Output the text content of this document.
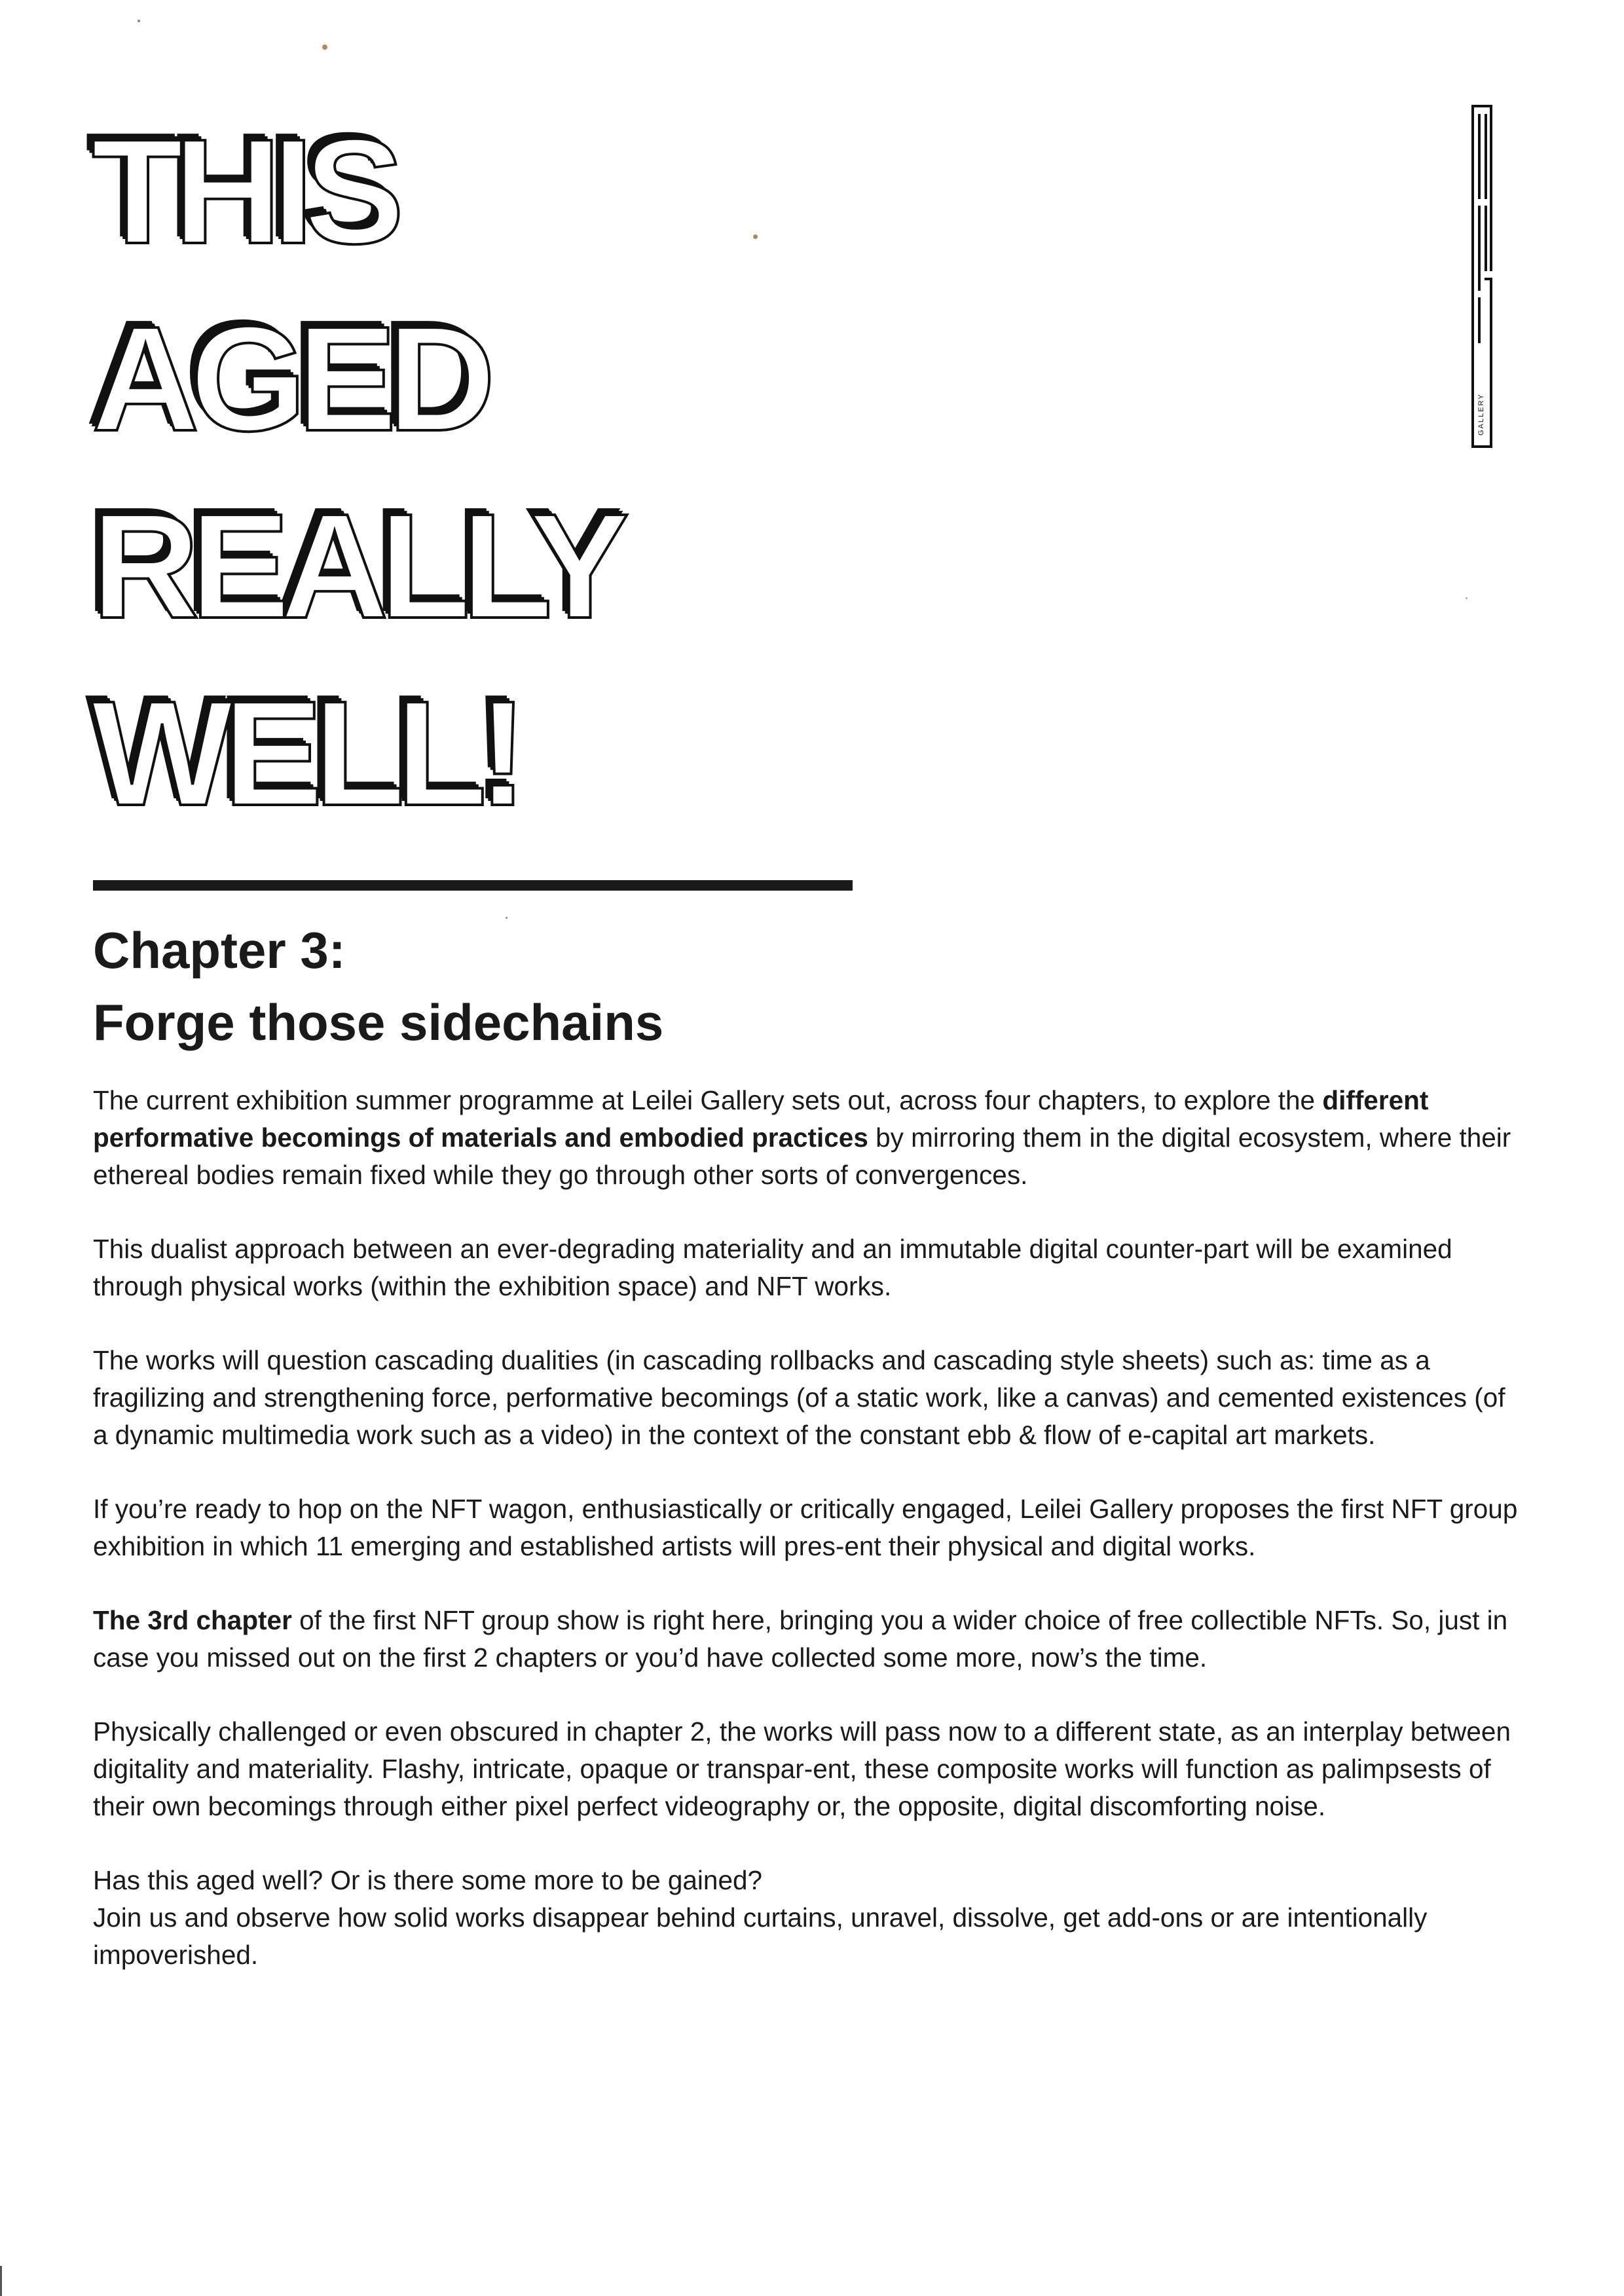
THIS
AGED
REALLY
WELL!
GALLERY
Chapter 3:
Forge those sidechains

The current exhibition summer programme at Leilei Gallery sets out, across four chapters, to explore the different performative becomings of materials and embodied practices by mirroring them in the digital ecosystem, where their ethereal bodies remain fixed while they go through other sorts of convergences.

This dualist approach between an ever-degrading materiality and an immutable digital counter-part will be examined through physical works (within the exhibition space) and NFT works.

The works will question cascading dualities (in cascading rollbacks and cascading style sheets) such as: time as a fragilizing and strengthening force, performative becomings (of a static work, like a canvas) and cemented existences (of a dynamic multimedia work such as a video) in the context of the constant ebb & flow of e-capital art markets.

If you’re ready to hop on the NFT wagon, enthusiastically or critically engaged, Leilei Gallery proposes the first NFT group exhibition in which 11 emerging and established artists will pres-ent their physical and digital works.

The 3rd chapter of the first NFT group show is right here, bringing you a wider choice of free collectible NFTs. So, just in case you missed out on the first 2 chapters or you’d have collected some more, now’s the time.

Physically challenged or even obscured in chapter 2, the works will pass now to a different state, as an interplay between digitality and materiality. Flashy, intricate, opaque or transpar-ent, these composite works will function as palimpsests of their own becomings through either pixel perfect videography or, the opposite, digital discomforting noise.

Has this aged well? Or is there some more to be gained?
Join us and observe how solid works disappear behind curtains, unravel, dissolve, get add-ons or are intentionally impoverished.
